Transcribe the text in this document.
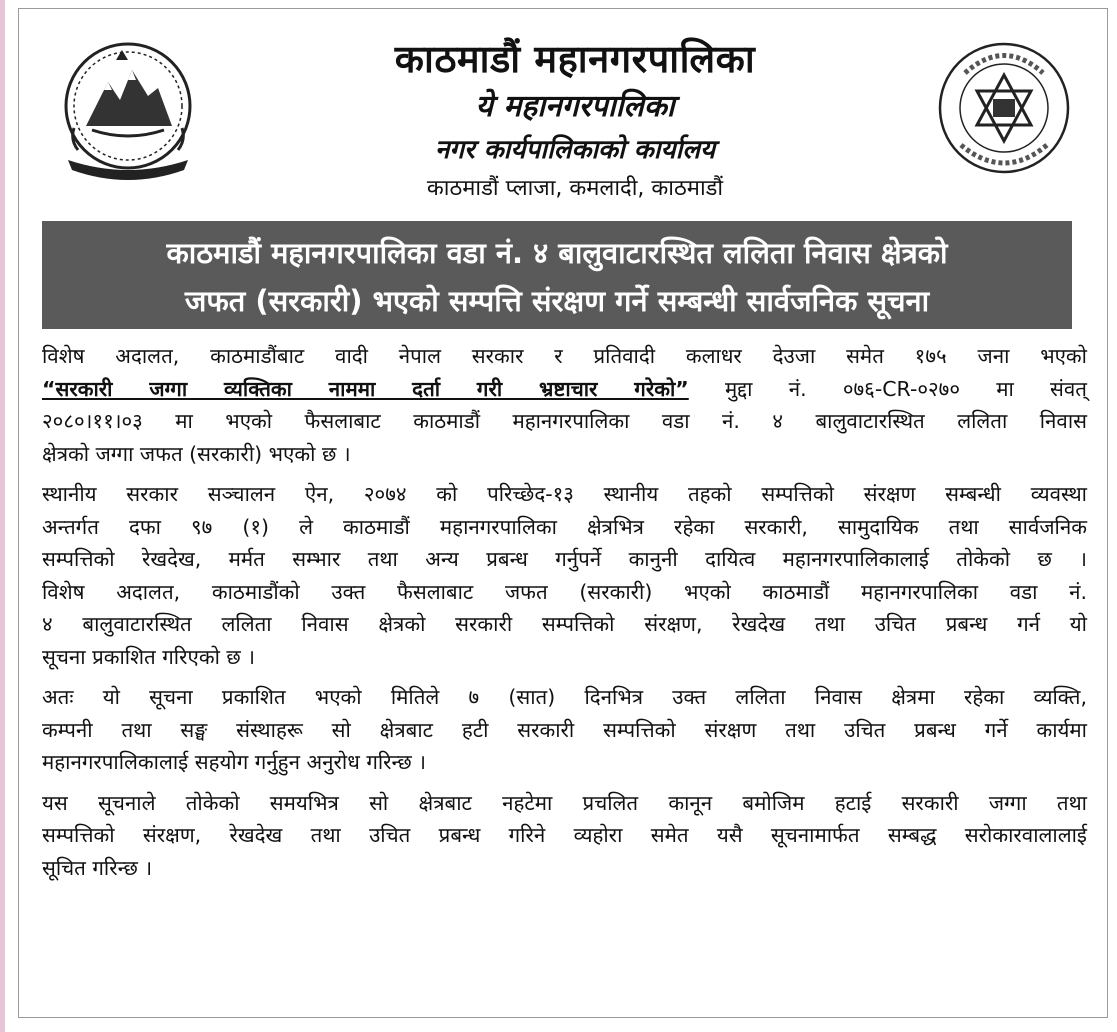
काठमाडौं महानगरपालिका
ये महानगरपालिका
नगर कार्यपालिकाको कार्यालय
काठमाडौं प्लाजा, कमलादी, काठमाडौं
काठमाडौं महानगरपालिका वडा नं. ४ बालुवाटारस्थित ललिता निवास क्षेत्रको
जफत (सरकारी) भएको सम्पत्ति संरक्षण गर्ने सम्बन्धी सार्वजनिक सूचना

विशेष अदालत, काठमाडौंबाट वादी नेपाल सरकार र प्रतिवादी कलाधर देउजा समेत १७५ जना भएको
“सरकारी जग्गा व्यक्तिका नाममा दर्ता गरी भ्रष्टाचार गरेको” मुद्दा नं. ०७६-CR-०२७० मा संवत्
२०८०।११।०३ मा भएको फैसलाबाट काठमाडौं महानगरपालिका वडा नं. ४ बालुवाटारस्थित ललिता निवास
क्षेत्रको जग्गा जफत (सरकारी) भएको छ ।

स्थानीय सरकार सञ्चालन ऐन, २०७४ को परिच्छेद-१३ स्थानीय तहको सम्पत्तिको संरक्षण सम्बन्धी व्यवस्था
अन्तर्गत दफा ९७ (१) ले काठमाडौं महानगरपालिका क्षेत्रभित्र रहेका सरकारी, सामुदायिक तथा सार्वजनिक
सम्पत्तिको रेखदेख, मर्मत सम्भार तथा अन्य प्रबन्ध गर्नुपर्ने कानुनी दायित्व महानगरपालिकालाई तोकेको छ ।
विशेष अदालत, काठमाडौंको उक्त फैसलाबाट जफत (सरकारी) भएको काठमाडौं महानगरपालिका वडा नं.
४ बालुवाटारस्थित ललिता निवास क्षेत्रको सरकारी सम्पत्तिको संरक्षण, रेखदेख तथा उचित प्रबन्ध गर्न यो
सूचना प्रकाशित गरिएको छ ।

अतः यो सूचना प्रकाशित भएको मितिले ७ (सात) दिनभित्र उक्त ललिता निवास क्षेत्रमा रहेका व्यक्ति,
कम्पनी तथा सङ्घ संस्थाहरू सो क्षेत्रबाट हटी सरकारी सम्पत्तिको संरक्षण तथा उचित प्रबन्ध गर्ने कार्यमा
महानगरपालिकालाई सहयोग गर्नुहुन अनुरोध गरिन्छ ।

यस सूचनाले तोकेको समयभित्र सो क्षेत्रबाट नहटेमा प्रचलित कानून बमोजिम हटाई सरकारी जग्गा तथा
सम्पत्तिको संरक्षण, रेखदेख तथा उचित प्रबन्ध गरिने व्यहोरा समेत यसै सूचनामार्फत सम्बद्ध सरोकारवालालाई
सूचित गरिन्छ ।
